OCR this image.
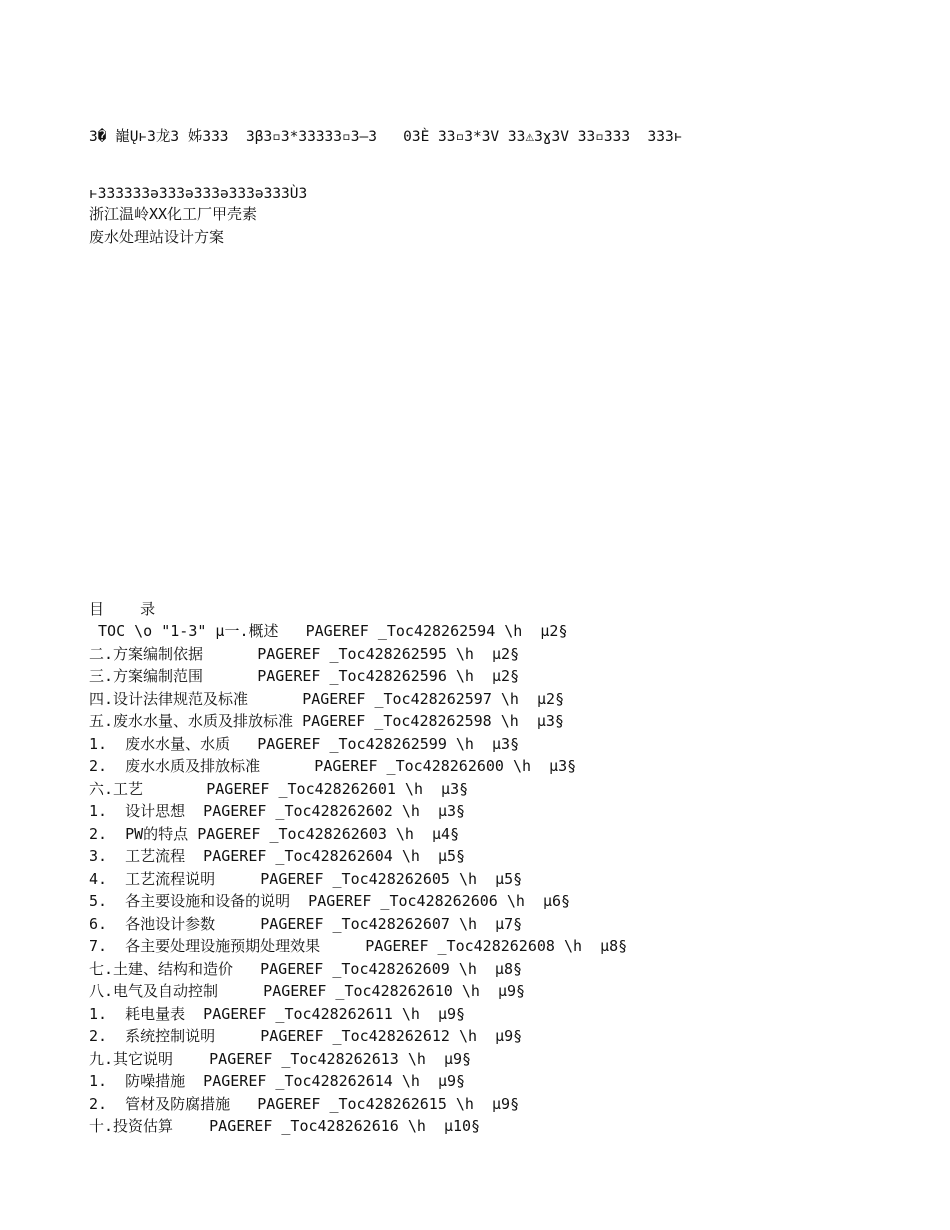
3� 巃Ųⱶ3龙3 姊333  3β3▫3*33333▫3‒3   03È 33▫3*3V 33⚠3ɣ3V 33▫333  333ⱶ

ⱶ333333ə333ə333ə333ə333Ù3

浙江温岭XX化工厂甲壳素
废水处理站设计方案
目    录
TOC \o "1-3" µ一.概述   PAGEREF _Toc428262594 \h  µ2§
二.方案编制依据      PAGEREF _Toc428262595 \h  µ2§
三.方案编制范围      PAGEREF _Toc428262596 \h  µ2§
四.设计法律规范及标准      PAGEREF _Toc428262597 \h  µ2§
五.废水水量、水质及排放标准 PAGEREF _Toc428262598 \h  µ3§
1.  废水水量、水质   PAGEREF _Toc428262599 \h  µ3§
2.  废水水质及排放标准      PAGEREF _Toc428262600 \h  µ3§
六.工艺       PAGEREF _Toc428262601 \h  µ3§
1.  设计思想  PAGEREF _Toc428262602 \h  µ3§
2.  PW的特点 PAGEREF _Toc428262603 \h  µ4§
3.  工艺流程  PAGEREF _Toc428262604 \h  µ5§
4.  工艺流程说明     PAGEREF _Toc428262605 \h  µ5§
5.  各主要设施和设备的说明  PAGEREF _Toc428262606 \h  µ6§
6.  各池设计参数     PAGEREF _Toc428262607 \h  µ7§
7.  各主要处理设施预期处理效果     PAGEREF _Toc428262608 \h  µ8§
七.土建、结构和造价   PAGEREF _Toc428262609 \h  µ8§
八.电气及自动控制     PAGEREF _Toc428262610 \h  µ9§
1.  耗电量表  PAGEREF _Toc428262611 \h  µ9§
2.  系统控制说明     PAGEREF _Toc428262612 \h  µ9§
九.其它说明    PAGEREF _Toc428262613 \h  µ9§
1.  防噪措施  PAGEREF _Toc428262614 \h  µ9§
2.  管材及防腐措施   PAGEREF _Toc428262615 \h  µ9§
十.投资估算    PAGEREF _Toc428262616 \h  µ10§
